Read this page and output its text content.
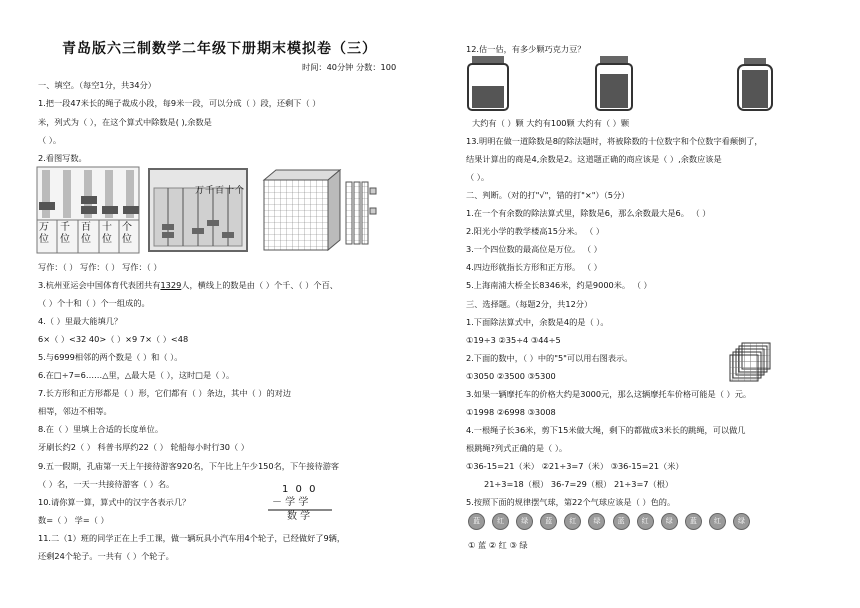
青岛版六三制数学二年级下册期末模拟卷（三）
时间：40分钟 分数：100
一、填空。（每空1分，共34分）
1.把一段47米长的绳子裁成小段，每9米一段，可以分成（ ）段，还剩下（ ）
米，列式为（ ），在这个算式中除数是( ),余数是
（ ）。
2.看图写数。
万位
千位
百位
十位
个位
万千百十个
写作：（ ） 写作：（ ） 写作：（ ）
3.杭州亚运会中国体育代表团共有1329人，横线上的数是由（ ）个千、（ ）个百、
（ ）个十和（ ）个一组成的。
4.（ ）里最大能填几？
6×（ ）<32 40>（ ）×9 7×（ ）<48
5.与6999相邻的两个数是（ ）和（ ）。
6.在□÷7=6……△里，△最大是（ ），这时□是（ ）。
7.长方形和正方形都是（ ）形，它们都有（ ）条边，其中（ ）的对边
相等，邻边不相等。
8.在（ ）里填上合适的长度单位。
牙刷长约2（ ） 科普书厚约22（ ） 轮船每小时行30（ ）
9.五一假期，孔庙第一天上午接待游客920名，下午比上午少150名，下午接待游客
（ ）名，一天一共接待游客（ ）名。
10.请你算一算，算式中的汉字各表示几？
数=（ ） 学=（ ）
1 0 0
－ 学 学
数 学
11.二（1）班的同学正在上手工课，做一辆玩具小汽车用4个轮子，已经做好了9辆，
还剩24个轮子。一共有（ ）个轮子。
12.估一估，有多少颗巧克力豆？
大约有（ ）颗 大约有100颗 大约有（ ）颗
13.明明在做一道除数是8的除法题时，将被除数的十位数字和个位数字看颠倒了，
结果计算出的商是4,余数是2。这道题正确的商应该是（ ）,余数应该是
（ ）。
二、判断。（对的打"√"，错的打"×"）（5分）
1.在一个有余数的除法算式里，除数是6，那么余数最大是6。 （ ）
2.阳光小学的教学楼高15分米。 （ ）
3.一个四位数的最高位是万位。 （ ）
4.四边形就指长方形和正方形。 （ ）
5.上海南浦大桥全长8346米，约是9000米。 （ ）
三、选择题。（每题2分，共12分）
1.下面除法算式中，余数是4的是（ ）。
①19÷3 ②35÷4 ③44÷5
2.下面的数中，（ ）中的"5"可以用右图表示。
①3050 ②3500 ③5300
3.如果一辆摩托车的价格大约是3000元，那么这辆摩托车价格可能是（ ）元。
①1998 ②6998 ③3008
4.一根绳子长36米，剪下15米做大绳，剩下的都做成3米长的跳绳，可以做几
根跳绳?列式正确的是（ ）。
①36-15=21（米） ②21÷3=7（米） ③36-15=21（米）
21÷3=18（根） 36-7=29（根） 21÷3=7（根）
5.按照下面的规律摆气球，第22个气球应该是（ ）色的。
蓝 红 绿 蓝 红 绿 蓝 红 绿 蓝 红 绿
① 蓝 ② 红 ③ 绿
